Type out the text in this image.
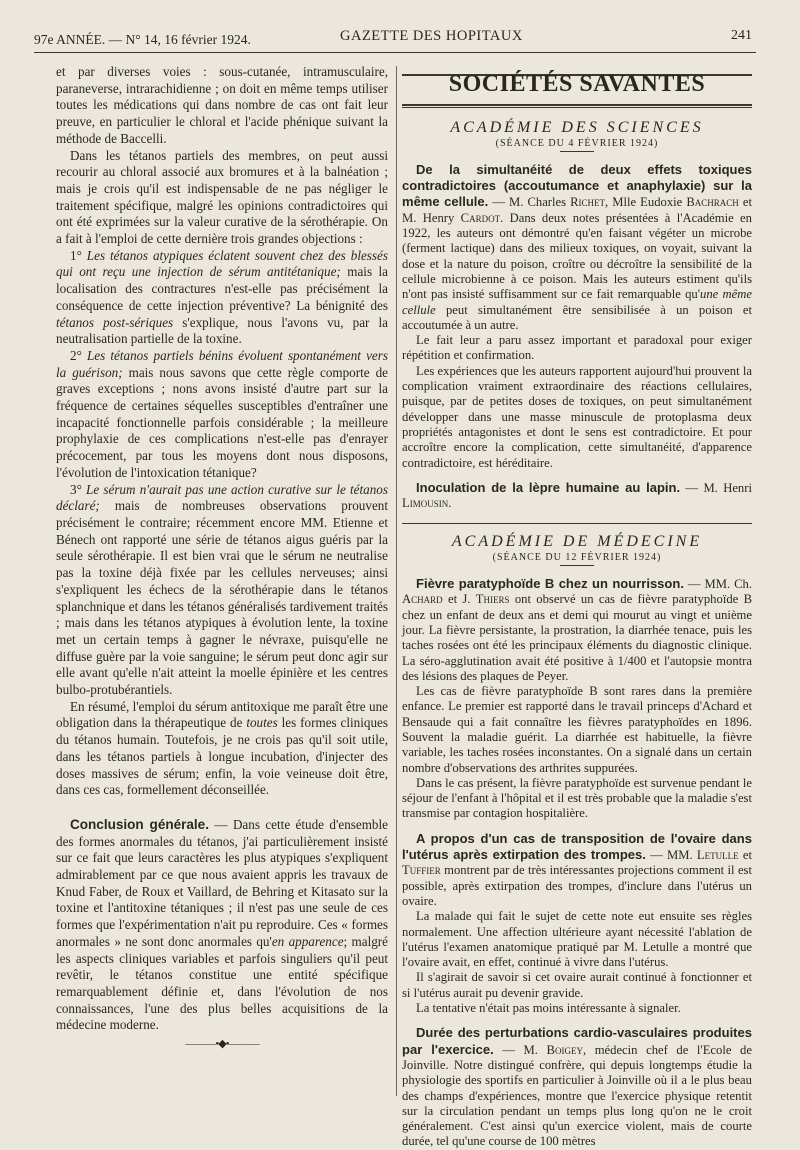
97e ANNÉE. — N° 14, 16 février 1924.	GAZETTE DES HOPITAUX	241

et par diverses voies : sous-cutanée, intramusculaire, paraneverse, intrarachidienne ; on doit en même temps utiliser toutes les médications qui dans nombre de cas ont fait leur preuve, en particulier le chloral et l'acide phénique suivant la méthode de Baccelli.

Dans les tétanos partiels des membres, on peut aussi recourir au chloral associé aux bromures et à la balnéation ; mais je crois qu'il est indispensable de ne pas négliger le traitement spécifique, malgré les opinions contradictoires qui ont été exprimées sur la valeur curative de la sérothérapie. On a fait à l'emploi de cette dernière trois grandes objections :

1° Les tétanos atypiques éclatent souvent chez des blessés qui ont reçu une injection de sérum antitétanique; mais la localisation des contractures n'est-elle pas précisément la conséquence de cette injection préventive? La bénignité des tétanos post-sériques s'explique, nous l'avons vu, par la neutralisation partielle de la toxine.

2° Les tétanos partiels bénins évoluent spontanément vers la guérison; mais nous savons que cette règle comporte de graves exceptions ; nons avons insisté d'autre part sur la fréquence de certaines séquelles susceptibles d'entraîner une incapacité fonctionnelle parfois considérable ; la meilleure prophylaxie de ces complications n'est-elle pas d'enrayer précocement, par tous les moyens dont nous disposons, l'évolution de l'intoxication tétanique?

3° Le sérum n'aurait pas une action curative sur le tétanos déclaré; mais de nombreuses observations prouvent précisément le contraire; récemment encore MM. Etienne et Bénech ont rapporté une série de tétanos aigus guéris par la seule sérothérapie. Il est bien vrai que le sérum ne neutralise pas la toxine déjà fixée par les cellules nerveuses; ainsi s'expliquent les échecs de la sérothérapie dans le tétanos splanchnique et dans les tétanos généralisés tardivement traités ; mais dans les tétanos atypiques à évolution lente, la toxine met un certain temps à gagner le névraxe, puisqu'elle ne diffuse guère par la voie sanguine; le sérum peut donc agir sur elle avant qu'elle n'ait atteint la moelle épinière et les centres bulbo-protubérantiels.

En résumé, l'emploi du sérum antitoxique me paraît être une obligation dans la thérapeutique de toutes les formes cliniques du tétanos humain. Toutefois, je ne crois pas qu'il soit utile, dans les tétanos partiels à longue incubation, d'injecter des doses massives de sérum; enfin, la voie veineuse doit être, dans ces cas, formellement déconseillée.

Conclusion générale. — Dans cette étude d'ensemble des formes anormales du tétanos, j'ai particulièrement insisté sur ce fait que leurs caractères les plus atypiques s'expliquent admirablement par ce que nous avaient appris les travaux de Knud Faber, de Roux et Vaillard, de Behring et Kitasato sur la toxine et l'antitoxine tétaniques ; il n'est pas une seule de ces formes que l'expérimentation n'ait pu reproduire. Ces « formes anormales » ne sont donc anormales qu'en apparence; malgré les aspects cliniques variables et parfois singuliers qu'il peut revêtir, le tétanos constitue une entité spécifique remarquablement définie et, dans l'évolution de nos connaissances, l'une des plus belles acquisitions de la médecine moderne.

———•◆•———

SOCIÉTÉS SAVANTES

ACADÉMIE DES SCIENCES

(SÉANCE DU 4 FÉVRIER 1924)

De la simultanéité de deux effets toxiques contradictoires (accoutumance et anaphylaxie) sur la même cellule. — M. Charles Richet, Mlle Eudoxie Bachrach et M. Henry Cardot. Dans deux notes présentées à l'Académie en 1922, les auteurs ont démontré qu'en faisant végéter un microbe (ferment lactique) dans des milieux toxiques, on voyait, suivant la dose et la nature du poison, croître ou décroître la sensibilité de la cellule microbienne à ce poison. Mais les auteurs estiment qu'ils n'ont pas insisté suffisamment sur ce fait remarquable qu'une même cellule peut simultanément être sensibilisée à un poison et accoutumée à un autre.

Le fait leur a paru assez important et paradoxal pour exiger répétition et confirmation.

Les expériences que les auteurs rapportent aujourd'hui prouvent la complication vraiment extraordinaire des réactions cellulaires, puisque, par de petites doses de toxiques, on peut simultanément développer dans une masse minuscule de protoplasma deux propriétés antagonistes et dont le sens est contradictoire. Et pour accroître encore la complication, cette simultanéité, d'apparence contradictoire, est héréditaire.

Inoculation de la lèpre humaine au lapin. — M. Henri Limousin.

ACADÉMIE DE MÉDECINE

(SÉANCE DU 12 FÉVRIER 1924)

Fièvre paratyphoïde B chez un nourrisson. — MM. Ch. Achard et J. Thiers ont observé un cas de fièvre paratyphoïde B chez un enfant de deux ans et demi qui mourut au vingt et unième jour. La fièvre persistante, la prostration, la diarrhée tenace, puis les taches rosées ont été les principaux éléments du diagnostic clinique. La séro-agglutination avait été positive à 1/400 et l'autopsie montra des lésions des plaques de Peyer.

Les cas de fièvre paratyphoïde B sont rares dans la première enfance. Le premier est rapporté dans le travail princeps d'Achard et Bensaude qui a fait connaître les fièvres paratyphoïdes en 1896. Souvent la maladie guérit. La diarrhée est habituelle, la fièvre variable, les taches rosées inconstantes. On a signalé dans un certain nombre d'observations des arthrites suppurées.

Dans le cas présent, la fièvre paratyphoïde est survenue pendant le séjour de l'enfant à l'hôpital et il est très probable que la maladie s'est transmise par contagion hospitalière.

A propos d'un cas de transposition de l'ovaire dans l'utérus après extirpation des trompes. — MM. Letulle et Tuffier montrent par de très intéressantes projections comment il est possible, après extirpation des trompes, d'inclure dans l'utérus un ovaire.

La malade qui fait le sujet de cette note eut ensuite ses règles normalement. Une affection ultérieure ayant nécessité l'ablation de l'utérus l'examen anatomique pratiqué par M. Letulle a montré que l'ovaire avait, en effet, continué à vivre dans l'utérus.

Il s'agirait de savoir si cet ovaire aurait continué à fonctionner et si l'utérus aurait pu devenir gravide.

La tentative n'était pas moins intéressante à signaler.

Durée des perturbations cardio-vasculaires produites par l'exercice. — M. Boigey, médecin chef de l'Ecole de Joinville. Notre distingué confrère, qui depuis longtemps étudie la physiologie des sportifs en particulier à Joinville où il a le plus beau des champs d'expériences, montre que l'exercice physique retentit sur la circulation pendant un temps plus long qu'on ne le croit généralement. C'est ainsi qu'un exercice violent, mais de courte durée, tel qu'une course de 100 mètres
